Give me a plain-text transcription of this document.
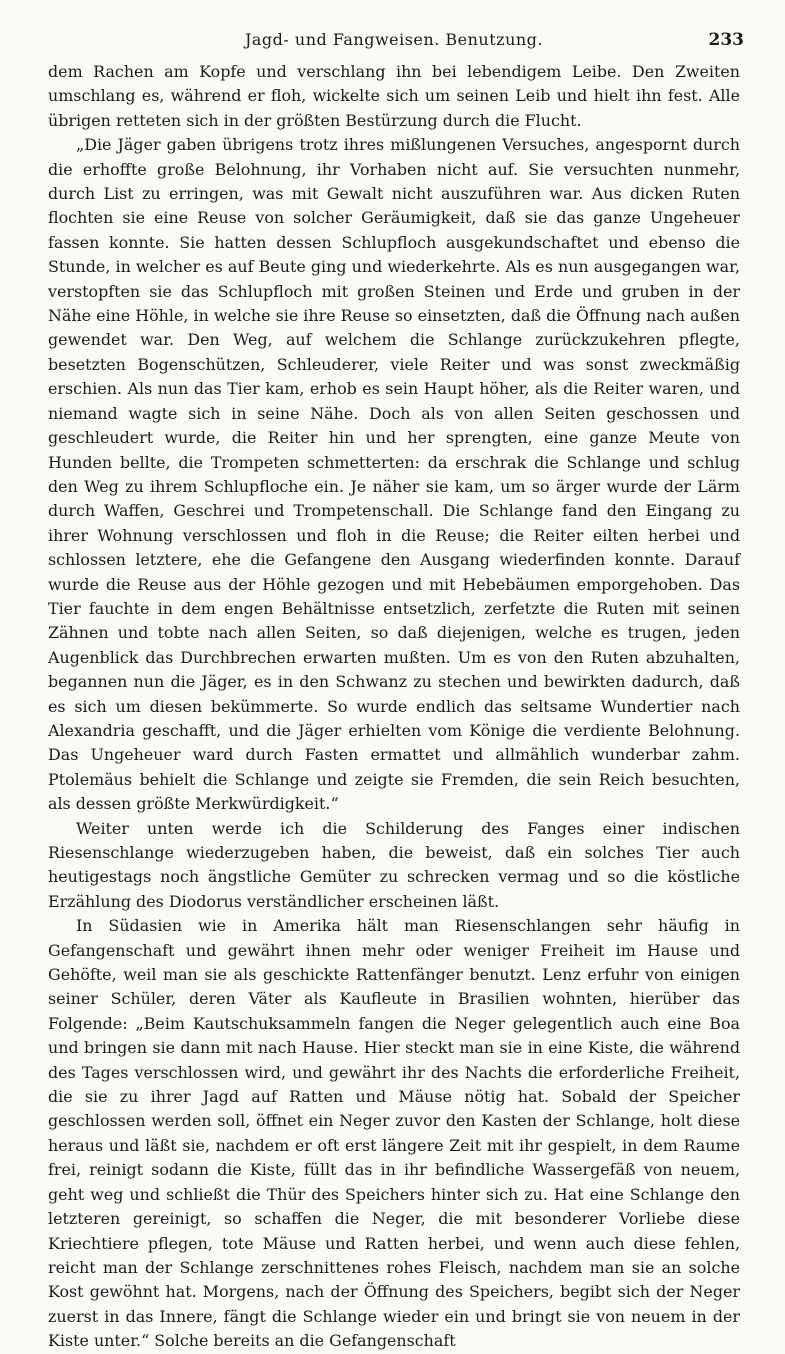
Jagd- und Fangweisen. Benutzung.	233

dem Rachen am Kopfe und verschlang ihn bei lebendigem Leibe. Den Zweiten umschlang es, während er floh, wickelte sich um seinen Leib und hielt ihn fest. Alle übrigen retteten sich in der größten Bestürzung durch die Flucht.

„Die Jäger gaben übrigens trotz ihres mißlungenen Versuches, angespornt durch die erhoffte große Belohnung, ihr Vorhaben nicht auf. Sie versuchten nunmehr, durch List zu erringen, was mit Gewalt nicht auszuführen war. Aus dicken Ruten flochten sie eine Reuse von solcher Geräumigkeit, daß sie das ganze Ungeheuer fassen konnte. Sie hatten dessen Schlupfloch ausgekundschaftet und ebenso die Stunde, in welcher es auf Beute ging und wiederkehrte. Als es nun ausgegangen war, verstopften sie das Schlupfloch mit großen Steinen und Erde und gruben in der Nähe eine Höhle, in welche sie ihre Reuse so einsetzten, daß die Öffnung nach außen gewendet war. Den Weg, auf welchem die Schlange zurückzukehren pflegte, besetzten Bogenschützen, Schleuderer, viele Reiter und was sonst zweckmäßig erschien. Als nun das Tier kam, erhob es sein Haupt höher, als die Reiter waren, und niemand wagte sich in seine Nähe. Doch als von allen Seiten geschossen und geschleudert wurde, die Reiter hin und her sprengten, eine ganze Meute von Hunden bellte, die Trompeten schmetterten: da erschrak die Schlange und schlug den Weg zu ihrem Schlupfloche ein. Je näher sie kam, um so ärger wurde der Lärm durch Waffen, Geschrei und Trompetenschall. Die Schlange fand den Eingang zu ihrer Wohnung verschlossen und floh in die Reuse; die Reiter eilten herbei und schlossen letztere, ehe die Gefangene den Ausgang wiederfinden konnte. Darauf wurde die Reuse aus der Höhle gezogen und mit Hebebäumen emporgehoben. Das Tier fauchte in dem engen Behältnisse entsetzlich, zerfetzte die Ruten mit seinen Zähnen und tobte nach allen Seiten, so daß diejenigen, welche es trugen, jeden Augenblick das Durchbrechen erwarten mußten. Um es von den Ruten abzuhalten, begannen nun die Jäger, es in den Schwanz zu stechen und bewirkten dadurch, daß es sich um diesen bekümmerte. So wurde endlich das seltsame Wundertier nach Alexandria geschafft, und die Jäger erhielten vom Könige die verdiente Belohnung. Das Ungeheuer ward durch Fasten ermattet und allmählich wunderbar zahm. Ptolemäus behielt die Schlange und zeigte sie Fremden, die sein Reich besuchten, als dessen größte Merkwürdigkeit.“

Weiter unten werde ich die Schilderung des Fanges einer indischen Riesenschlange wiederzugeben haben, die beweist, daß ein solches Tier auch heutigestags noch ängstliche Gemüter zu schrecken vermag und so die köstliche Erzählung des Diodorus verständlicher erscheinen läßt.

In Südasien wie in Amerika hält man Riesenschlangen sehr häufig in Gefangenschaft und gewährt ihnen mehr oder weniger Freiheit im Hause und Gehöfte, weil man sie als geschickte Rattenfänger benutzt. Lenz erfuhr von einigen seiner Schüler, deren Väter als Kaufleute in Brasilien wohnten, hierüber das Folgende: „Beim Kautschuksammeln fangen die Neger gelegentlich auch eine Boa und bringen sie dann mit nach Hause. Hier steckt man sie in eine Kiste, die während des Tages verschlossen wird, und gewährt ihr des Nachts die erforderliche Freiheit, die sie zu ihrer Jagd auf Ratten und Mäuse nötig hat. Sobald der Speicher geschlossen werden soll, öffnet ein Neger zuvor den Kasten der Schlange, holt diese heraus und läßt sie, nachdem er oft erst längere Zeit mit ihr gespielt, in dem Raume frei, reinigt sodann die Kiste, füllt das in ihr befindliche Wassergefäß von neuem, geht weg und schließt die Thür des Speichers hinter sich zu. Hat eine Schlange den letzteren gereinigt, so schaffen die Neger, die mit besonderer Vorliebe diese Kriechtiere pflegen, tote Mäuse und Ratten herbei, und wenn auch diese fehlen, reicht man der Schlange zerschnittenes rohes Fleisch, nachdem man sie an solche Kost gewöhnt hat. Morgens, nach der Öffnung des Speichers, begibt sich der Neger zuerst in das Innere, fängt die Schlange wieder ein und bringt sie von neuem in der Kiste unter.“ Solche bereits an die Gefangenschaft
